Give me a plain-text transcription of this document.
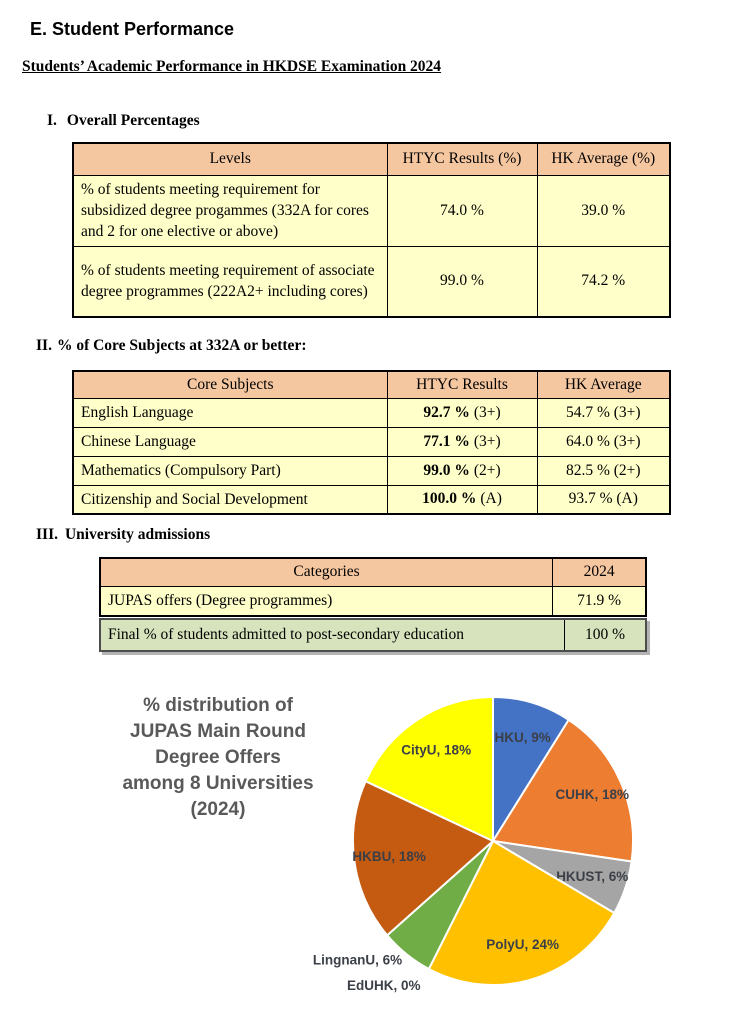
E. Student Performance
Students’ Academic Performance in HKDSE Examination 2024
I. Overall Percentages
Levels	HTYC Results (%)	HK Average (%)
% of students meeting requirement for subsidized degree progammes (332A for cores and 2 for one elective or above)	74.0 %	39.0 %
% of students meeting requirement of associate degree programmes (222A2+ including cores)	99.0 %	74.2 %
II. % of Core Subjects at 332A or better:
Core Subjects	HTYC Results	HK Average
English Language	92.7 % (3+)	54.7 % (3+)
Chinese Language	77.1 % (3+)	64.0 % (3+)
Mathematics (Compulsory Part)	99.0 % (2+)	82.5 % (2+)
Citizenship and Social Development	100.0 % (A)	93.7 % (A)
III. University admissions
Categories	2024
JUPAS offers (Degree programmes)	71.9 %
Final % of students admitted to post-secondary education	100 %
% distribution of
JUPAS Main Round Degree Offers
among 8 Universities (2024)
HKU, 9%
CUHK, 18%
HKUST, 6%
PolyU, 24%
EdUHK, 0%
LingnanU, 6%
HKBU, 18%
CityU, 18%
